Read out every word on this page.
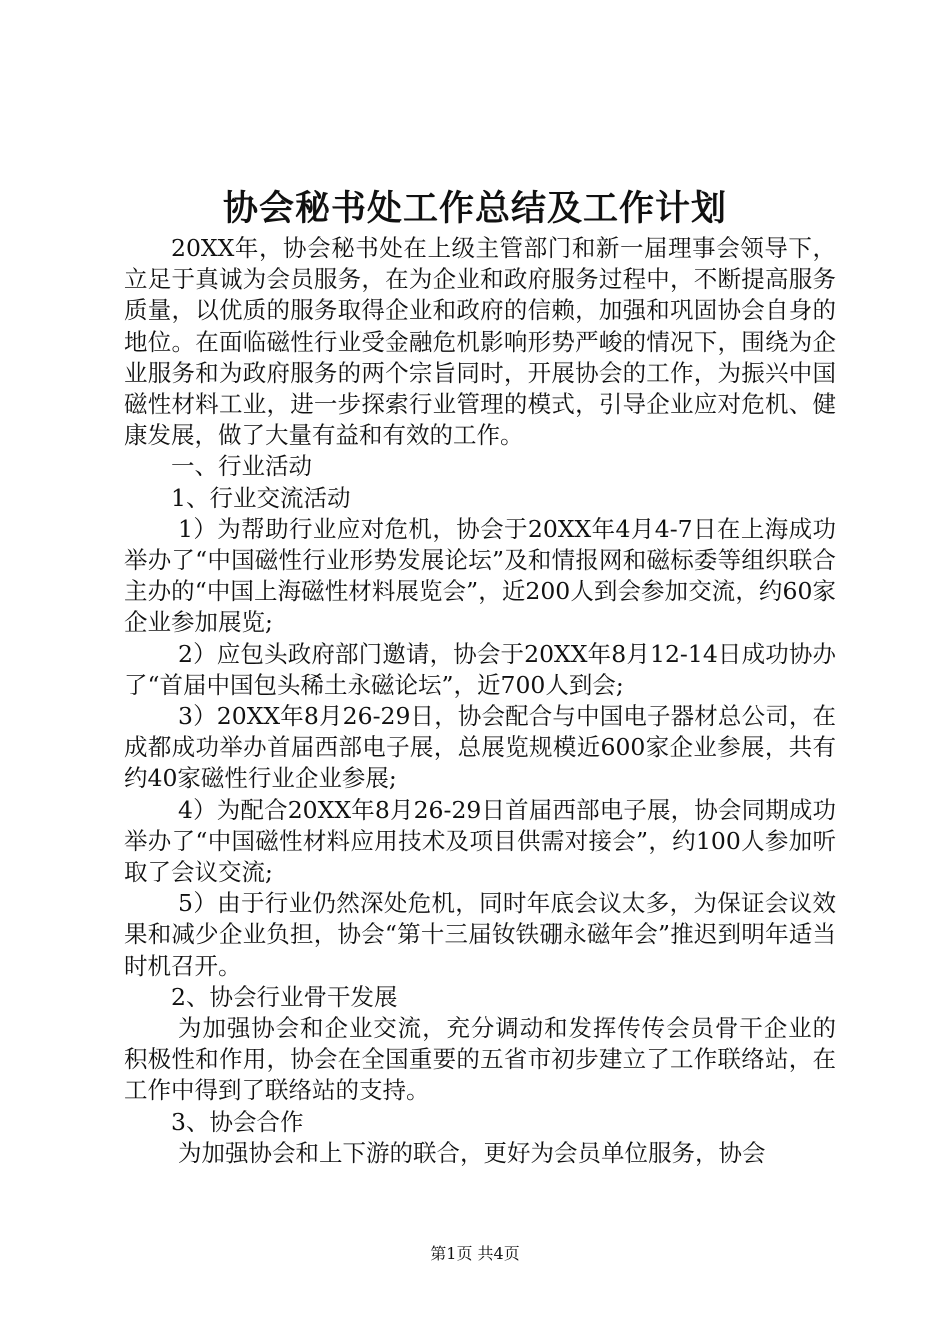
协会秘书处工作总结及工作计划

20XX年，协会秘书处在上级主管部门和新一届理事会领导下，立足于真诚为会员服务，在为企业和政府服务过程中，不断提高服务质量，以优质的服务取得企业和政府的信赖，加强和巩固协会自身的地位。在面临磁性行业受金融危机影响形势严峻的情况下，围绕为企业服务和为政府服务的两个宗旨同时，开展协会的工作，为振兴中国磁性材料工业，进一步探索行业管理的模式，引导企业应对危机、健康发展，做了大量有益和有效的工作。

一、行业活动

1、行业交流活动

1）为帮助行业应对危机，协会于20XX年4月4-7日在上海成功举办了“中国磁性行业形势发展论坛”及和情报网和磁标委等组织联合主办的“中国上海磁性材料展览会”，近200人到会参加交流，约60家企业参加展览;

2）应包头政府部门邀请，协会于20XX年8月12-14日成功协办了“首届中国包头稀土永磁论坛”，近700人到会;

3）20XX年8月26-29日，协会配合与中国电子器材总公司，在成都成功举办首届西部电子展，总展览规模近600家企业参展，共有约40家磁性行业企业参展;

4）为配合20XX年8月26-29日首届西部电子展，协会同期成功举办了“中国磁性材料应用技术及项目供需对接会”，约100人参加听取了会议交流;

5）由于行业仍然深处危机，同时年底会议太多，为保证会议效果和减少企业负担，协会“第十三届钕铁硼永磁年会”推迟到明年适当时机召开。

2、协会行业骨干发展

为加强协会和企业交流，充分调动和发挥传传会员骨干企业的积极性和作用，协会在全国重要的五省市初步建立了工作联络站，在工作中得到了联络站的支持。

3、协会合作

为加强协会和上下游的联合，更好为会员单位服务，协会

第1页 共4页
